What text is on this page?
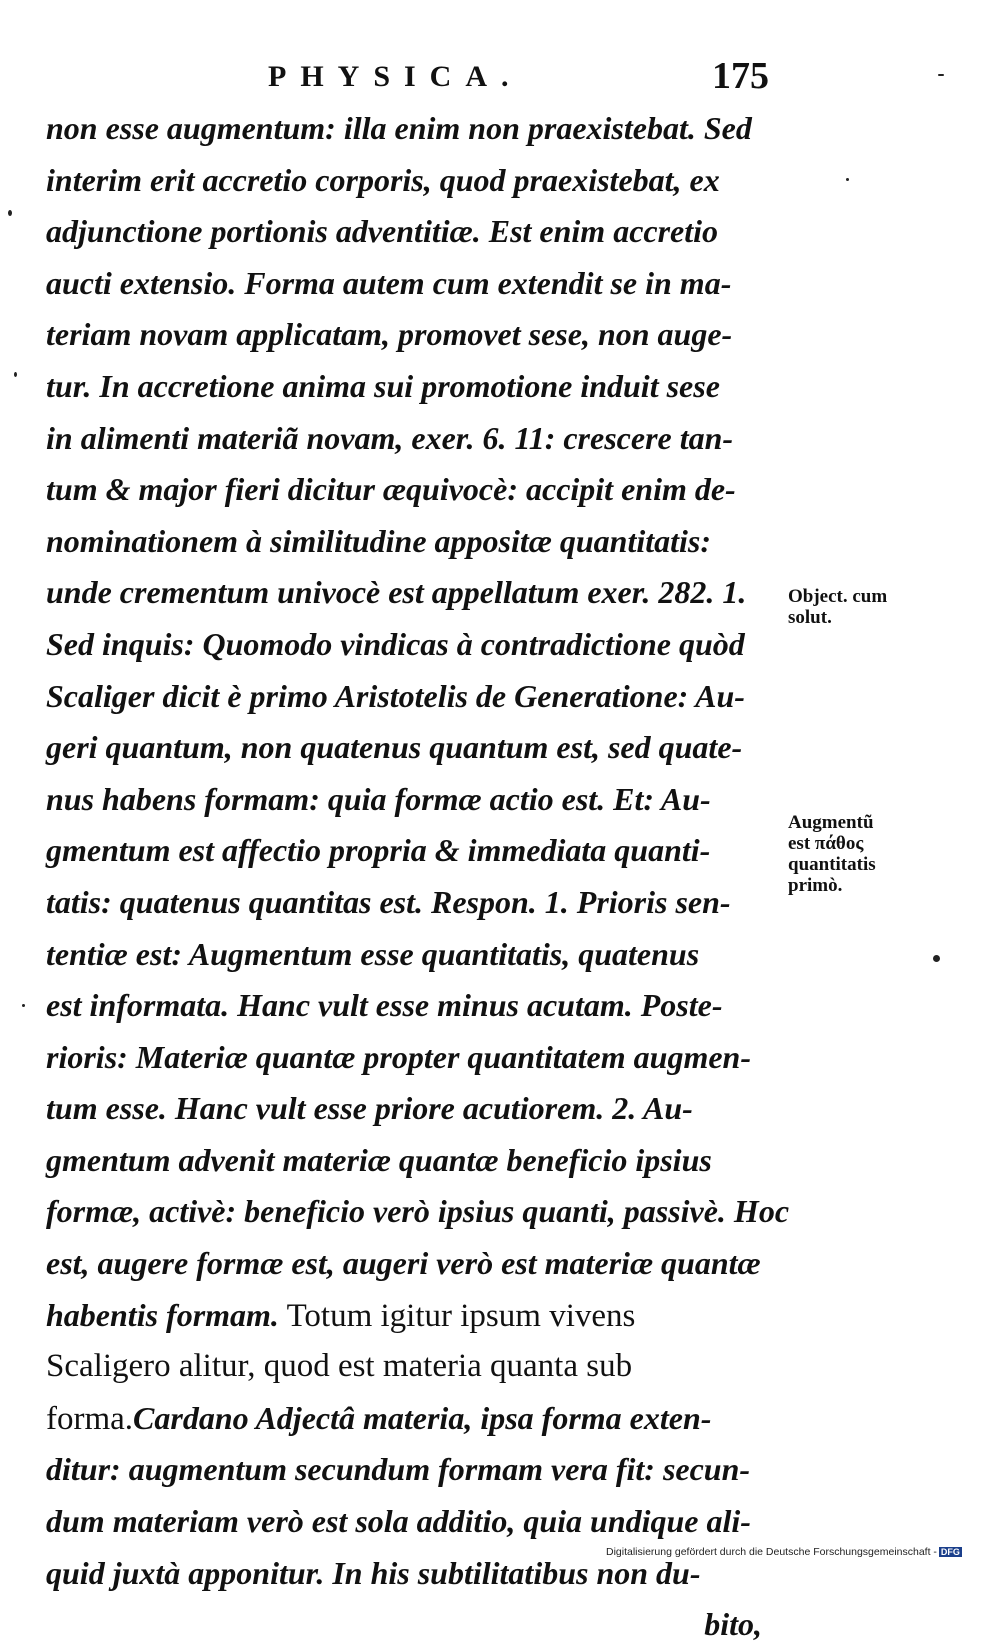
PHYSICA.	175
non esse augmentum: illa enim non praexistebat. Sed
interim erit accretio corporis, quod praexistebat, ex
adjunctione portionis adventitiæ. Est enim accretio
aucti extensio. Forma autem cum extendit se in ma-
teriam novam applicatam, promovet sese, non auge-
tur. In accretione anima sui promotione induit sese
in alimenti materiã novam, exer. 6. 11: crescere tan-
tum & major fieri dicitur æquivocè: accipit enim de-
nominationem à similitudine appositæ quantitatis:
unde crementum univocè est appellatum exer. 282. 1.
Sed inquis: Quomodo vindicas à contradictione quòd
Scaliger dicit è primo Aristotelis de Generatione: Au-
geri quantum, non quatenus quantum est, sed quate-
nus habens formam: quia formæ actio est. Et: Au-
gmentum est affectio propria & immediata quanti-
tatis: quatenus quantitas est. Respon. 1. Prioris sen-
tentiæ est: Augmentum esse quantitatis, quatenus
est informata. Hanc vult esse minus acutam. Poste-
rioris: Materiæ quantæ propter quantitatem augmen-
tum esse. Hanc vult esse priore acutiorem. 2. Au-
gmentum advenit materiæ quantæ beneficio ipsius
formæ, activè: beneficio verò ipsius quanti, passivè. Hoc
est, augere formæ est, augeri verò est materiæ quantæ
habentis formam. Totum igitur ipsum vivens
Scaligero alitur, quod est materia quanta sub
forma.Cardano Adjectâ materia, ipsa forma exten-
ditur: augmentum secundum formam vera fit: secun-
dum materiam verò est sola additio, quia undique ali-
quid juxtà apponitur. In his subtilitatibus non du-
bito,
Object. cum
solut.
Augmentũ
est πάθος
quantitatis
primò.
Digitalisierung gefördert durch die Deutsche Forschungsgemeinschaft - DFG
